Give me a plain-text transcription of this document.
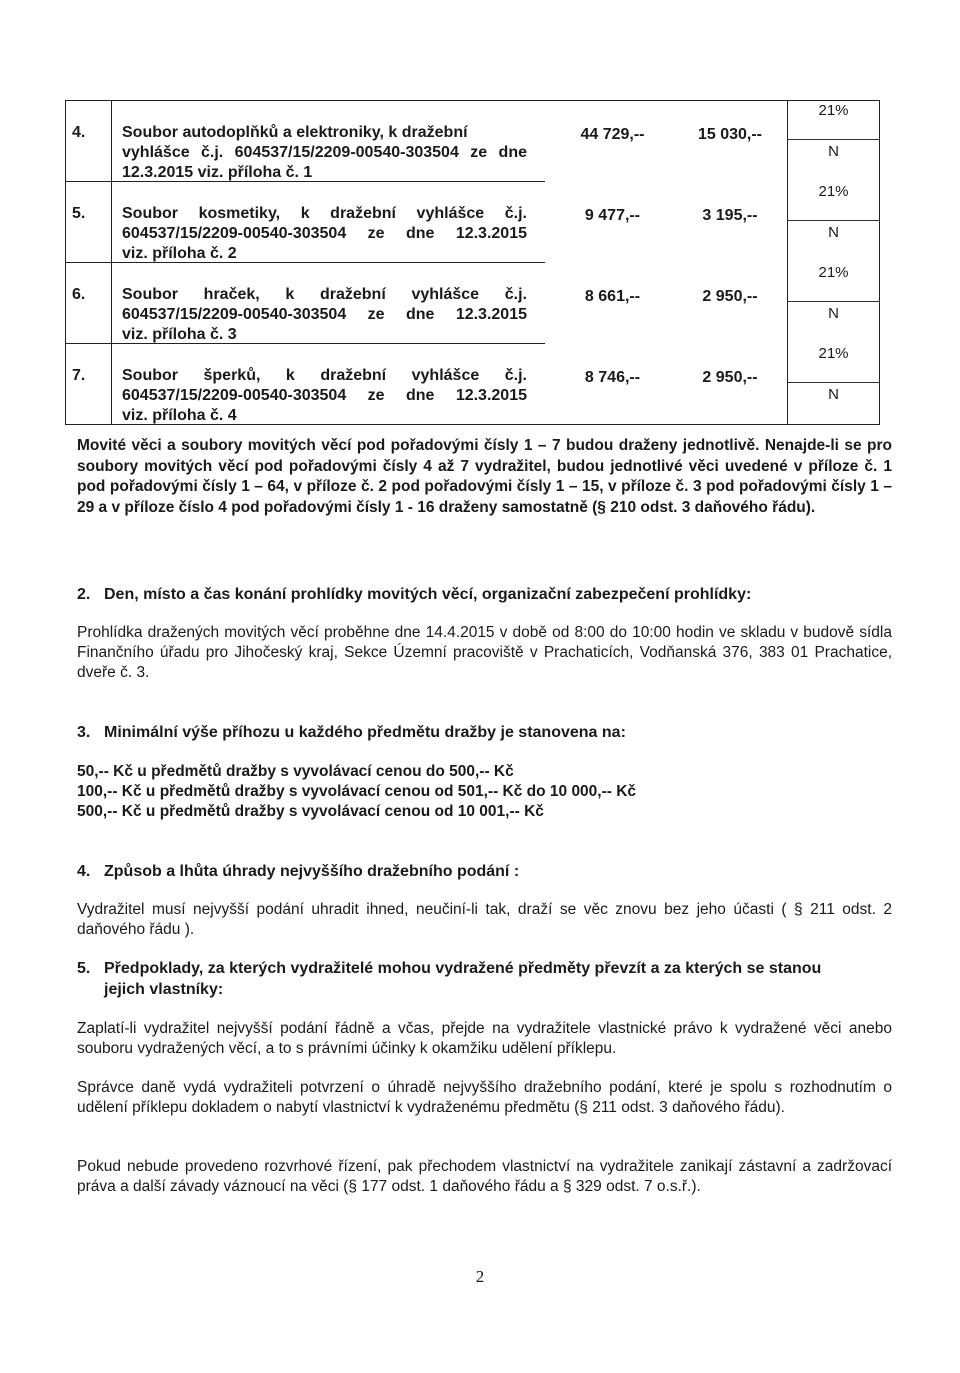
4. Soubor autodoplňků a elektroniky, k dražební
vyhlášce č.j. 604537/15/2209-00540-303504 ze dne
12.3.2015 viz. příloha č. 1
44 729,--	15 030,--
21%
N
5. Soubor kosmetiky, k dražební vyhlášce č.j.
604537/15/2209-00540-303504 ze dne 12.3.2015
viz. příloha č. 2
9 477,--	3 195,--
21%
N
6. Soubor hraček, k dražební vyhlášce č.j.
604537/15/2209-00540-303504 ze dne 12.3.2015
viz. příloha č. 3
8 661,--	2 950,--
21%
N
7. Soubor šperků, k dražební vyhlášce č.j.
604537/15/2209-00540-303504 ze dne 12.3.2015
viz. příloha č. 4
8 746,--	2 950,--
21%
N
Movité věci a soubory movitých věcí pod pořadovými čísly 1 – 7 budou draženy jednotlivě. Nenajde-li se pro soubory movitých věcí pod pořadovými čísly 4 až 7 vydražitel, budou jednotlivé věci uvedené v příloze č. 1 pod pořadovými čísly 1 – 64, v příloze č. 2 pod pořadovými čísly 1 – 15, v příloze č. 3 pod pořadovými čísly 1 – 29 a v příloze číslo 4 pod pořadovými čísly 1 - 16 draženy samostatně (§ 210 odst. 3 daňového řádu).
2. Den, místo a čas konání prohlídky movitých věcí, organizační zabezpečení prohlídky:
Prohlídka dražených movitých věcí proběhne dne 14.4.2015 v době od 8:00 do 10:00 hodin ve skladu v budově sídla Finančního úřadu pro Jihočeský kraj, Sekce Územní pracoviště v Prachaticích, Vodňanská 376, 383 01 Prachatice, dveře č. 3.
3. Minimální výše příhozu u každého předmětu dražby je stanovena na:
50,-- Kč u předmětů dražby s vyvolávací cenou do 500,-- Kč
100,-- Kč u předmětů dražby s vyvolávací cenou od 501,-- Kč do 10 000,-- Kč
500,-- Kč u předmětů dražby s vyvolávací cenou od 10 001,-- Kč
4. Způsob a lhůta úhrady nejvyššího dražebního podání :
Vydražitel musí nejvyšší podání uhradit ihned, neučiní-li tak, draží se věc znovu bez jeho účasti ( § 211 odst. 2 daňového řádu ).
5. Předpoklady, za kterých vydražitelé mohou vydražené předměty převzít a za kterých se stanou
jejich vlastníky:
Zaplatí-li vydražitel nejvyšší podání řádně a včas, přejde na vydražitele vlastnické právo k vydražené věci anebo souboru vydražených věcí, a to s právními účinky k okamžiku udělení příklepu.
Správce daně vydá vydražiteli potvrzení o úhradě nejvyššího dražebního podání, které je spolu s rozhodnutím o udělení příklepu dokladem o nabytí vlastnictví k vydraženému předmětu (§ 211 odst. 3 daňového řádu).
Pokud nebude provedeno rozvrhové řízení, pak přechodem vlastnictví na vydražitele zanikají zástavní a zadržovací práva a další závady váznoucí na věci (§ 177 odst. 1 daňového řádu a § 329 odst. 7 o.s.ř.).
2
